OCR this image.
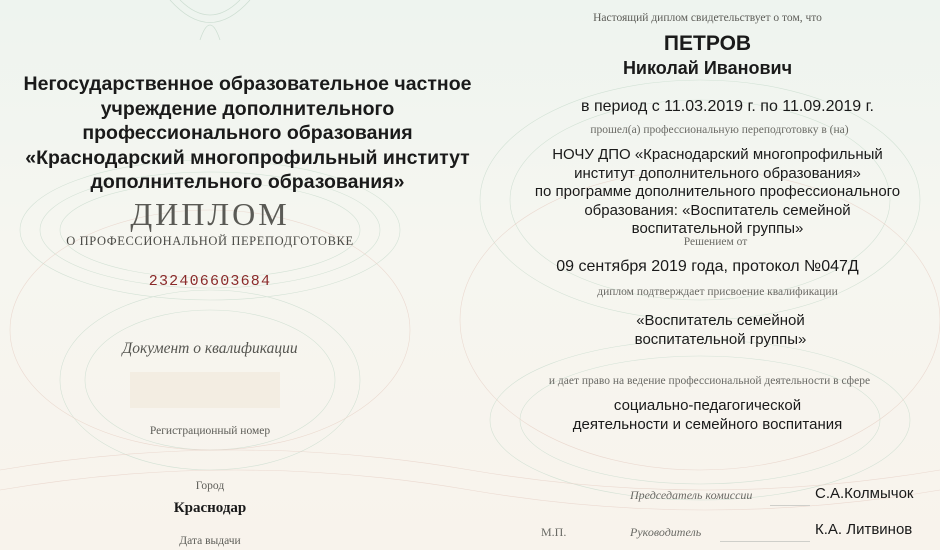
Негосударственное образовательное частное
учреждение дополнительного
профессионального образования
«Краснодарский многопрофильный институт
дополнительного образования»
ДИПЛОМ
О ПРОФЕССИОНАЛЬНОЙ ПЕРЕПОДГОТОВКЕ
232406603684
Документ о квалификации
Регистрационный номер
Город
Краснодар
Дата выдачи
Настоящий диплом свидетельствует о том, что
ПЕТРОВ
Николай Иванович
в период с 11.03.2019 г. по 11.09.2019 г.
прошел(а) профессиональную переподготовку в (на)
НОЧУ ДПО «Краснодарский многопрофильный
институт дополнительного образования»
по программе дополнительного профессионального
образования: «Воспитатель семейной
воспитательной группы»
Решением от
09 сентября 2019 года, протокол №047Д
диплом подтверждает присвоение квалификации
«Воспитатель семейной
воспитательной группы»
и дает право на ведение профессиональной деятельности в сфере
социально-педагогической
деятельности и семейного воспитания
Председатель комиссии	С.А.Колмычок
М.П.	Руководитель	К.А. Литвинов
